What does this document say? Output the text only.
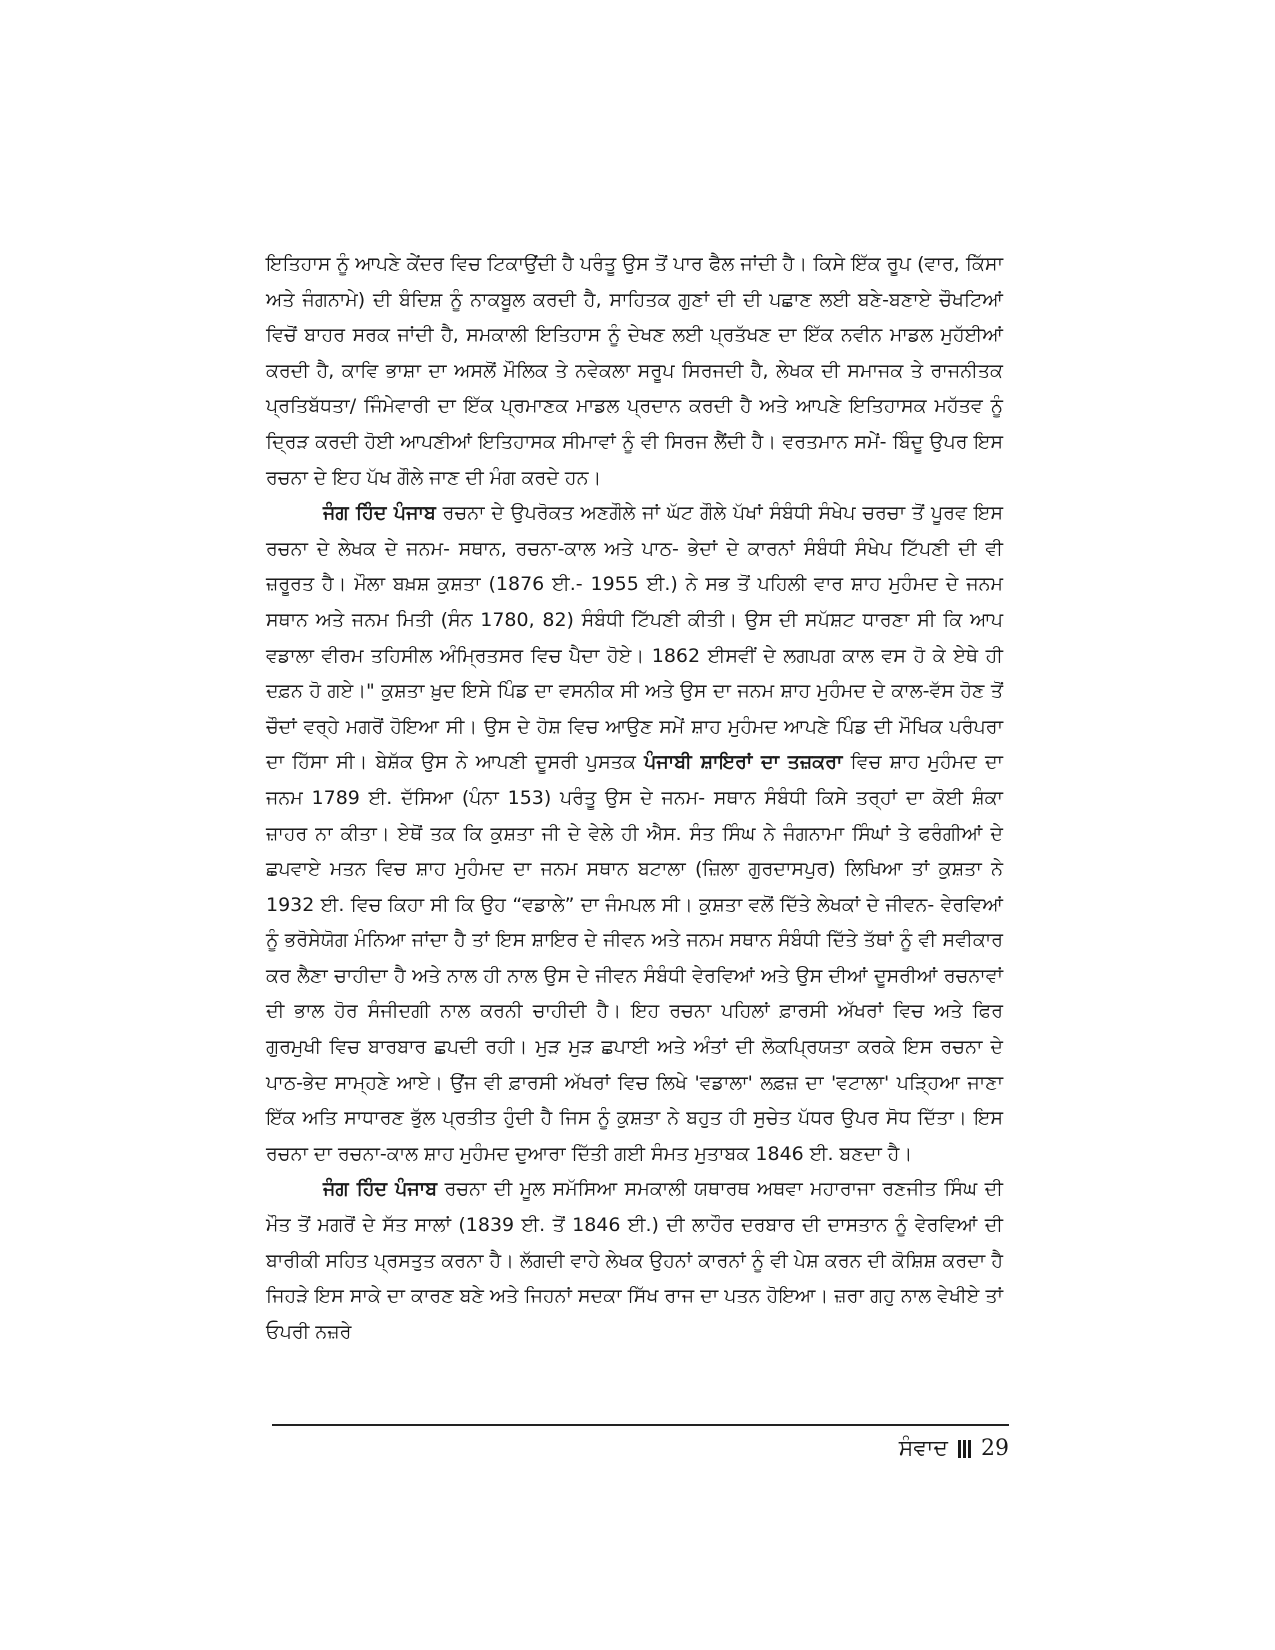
ਇਤਿਹਾਸ ਨੂੰ ਆਪਣੇ ਕੇਂਦਰ ਵਿਚ ਟਿਕਾਉਂਦੀ ਹੈ ਪਰੰਤੂ ਉਸ ਤੋਂ ਪਾਰ ਫੈਲ ਜਾਂਦੀ ਹੈ। ਕਿਸੇ ਇੱਕ ਰੂਪ (ਵਾਰ, ਕਿੱਸਾ ਅਤੇ ਜੰਗਨਾਮੇ) ਦੀ ਬੰਦਿਸ਼ ਨੂੰ ਨਾਕਬੂਲ ਕਰਦੀ ਹੈ, ਸਾਹਿਤਕ ਗੁਣਾਂ ਦੀ ਦੀ ਪਛਾਣ ਲਈ ਬਣੇ-ਬਣਾਏ ਚੌਖਟਿਆਂ ਵਿਚੋਂ ਬਾਹਰ ਸਰਕ ਜਾਂਦੀ ਹੈ, ਸਮਕਾਲੀ ਇਤਿਹਾਸ ਨੂੰ ਦੇਖਣ ਲਈ ਪ੍ਰਤੱਖਣ ਦਾ ਇੱਕ ਨਵੀਨ ਮਾਡਲ ਮੁਹੱਈਆਂ ਕਰਦੀ ਹੈ, ਕਾਵਿ ਭਾਸ਼ਾ ਦਾ ਅਸਲੋਂ ਮੌਲਿਕ ਤੇ ਨਵੇਕਲਾ ਸਰੂਪ ਸਿਰਜਦੀ ਹੈ, ਲੇਖਕ ਦੀ ਸਮਾਜਕ ਤੇ ਰਾਜਨੀਤਕ ਪ੍ਰਤਿਬੱਧਤਾ/ ਜਿੰਮੇਵਾਰੀ ਦਾ ਇੱਕ ਪ੍ਰਮਾਣਕ ਮਾਡਲ ਪ੍ਰਦਾਨ ਕਰਦੀ ਹੈ ਅਤੇ ਆਪਣੇ ਇਤਿਹਾਸਕ ਮਹੱਤਵ ਨੂੰ ਦ੍ਰਿੜ ਕਰਦੀ ਹੋਈ ਆਪਣੀਆਂ ਇਤਿਹਾਸਕ ਸੀਮਾਵਾਂ ਨੂੰ ਵੀ ਸਿਰਜ ਲੈਂਦੀ ਹੈ। ਵਰਤਮਾਨ ਸਮੇਂ- ਬਿੰਦੂ ਉਪਰ ਇਸ ਰਚਨਾ ਦੇ ਇਹ ਪੱਖ ਗੌਲੇ ਜਾਣ ਦੀ ਮੰਗ ਕਰਦੇ ਹਨ।

ਜੰਗ ਹਿੰਦ ਪੰਜਾਬ ਰਚਨਾ ਦੇ ਉਪਰੋਕਤ ਅਣਗੌਲੇ ਜਾਂ ਘੱਟ ਗੌਲੇ ਪੱਖਾਂ ਸੰਬੰਧੀ ਸੰਖੇਪ ਚਰਚਾ ਤੋਂ ਪੂਰਵ ਇਸ ਰਚਨਾ ਦੇ ਲੇਖਕ ਦੇ ਜਨਮ- ਸਥਾਨ, ਰਚਨਾ-ਕਾਲ ਅਤੇ ਪਾਠ- ਭੇਦਾਂ ਦੇ ਕਾਰਨਾਂ ਸੰਬੰਧੀ ਸੰਖੇਪ ਟਿੱਪਣੀ ਦੀ ਵੀ ਜ਼ਰੂਰਤ ਹੈ। ਮੌਲਾ ਬਖ਼ਸ਼ ਕੁਸ਼ਤਾ (1876 ਈ.- 1955 ਈ.) ਨੇ ਸਭ ਤੋਂ ਪਹਿਲੀ ਵਾਰ ਸ਼ਾਹ ਮੁਹੰਮਦ ਦੇ ਜਨਮ ਸਥਾਨ ਅਤੇ ਜਨਮ ਮਿਤੀ (ਸੰਨ 1780, 82) ਸੰਬੰਧੀ ਟਿੱਪਣੀ ਕੀਤੀ। ਉਸ ਦੀ ਸਪੱਸ਼ਟ ਧਾਰਣਾ ਸੀ ਕਿ ਆਪ ਵਡਾਲਾ ਵੀਰਮ ਤਹਿਸੀਲ ਅੰਮ੍ਰਿਤਸਰ ਵਿਚ ਪੈਦਾ ਹੋਏ। 1862 ਈਸਵੀਂ ਦੇ ਲਗਪਗ ਕਾਲ ਵਸ ਹੋ ਕੇ ਏਥੇ ਹੀ ਦਫ਼ਨ ਹੋ ਗਏ।" ਕੁਸ਼ਤਾ ਖ਼ੁਦ ਇਸੇ ਪਿੰਡ ਦਾ ਵਸਨੀਕ ਸੀ ਅਤੇ ਉਸ ਦਾ ਜਨਮ ਸ਼ਾਹ ਮੁਹੰਮਦ ਦੇ ਕਾਲ-ਵੱਸ ਹੋਣ ਤੋਂ ਚੌਦਾਂ ਵਰ੍ਹੇ ਮਗਰੋਂ ਹੋਇਆ ਸੀ। ਉਸ ਦੇ ਹੋਸ਼ ਵਿਚ ਆਉਣ ਸਮੇਂ ਸ਼ਾਹ ਮੁਹੰਮਦ ਆਪਣੇ ਪਿੰਡ ਦੀ ਮੌਖਿਕ ਪਰੰਪਰਾ ਦਾ ਹਿੱਸਾ ਸੀ। ਬੇਸ਼ੱਕ ਉਸ ਨੇ ਆਪਣੀ ਦੂਸਰੀ ਪੁਸਤਕ ਪੰਜਾਬੀ ਸ਼ਾਇਰਾਂ ਦਾ ਤਜ਼ਕਰਾ ਵਿਚ ਸ਼ਾਹ ਮੁਹੰਮਦ ਦਾ ਜਨਮ 1789 ਈ. ਦੱਸਿਆ (ਪੰਨਾ 153) ਪਰੰਤੂ ਉਸ ਦੇ ਜਨਮ- ਸਥਾਨ ਸੰਬੰਧੀ ਕਿਸੇ ਤਰ੍ਹਾਂ ਦਾ ਕੋਈ ਸ਼ੰਕਾ ਜ਼ਾਹਰ ਨਾ ਕੀਤਾ। ਏਥੋਂ ਤਕ ਕਿ ਕੁਸ਼ਤਾ ਜੀ ਦੇ ਵੇਲੇ ਹੀ ਐਸ. ਸੰਤ ਸਿੰਘ ਨੇ ਜੰਗਨਾਮਾ ਸਿੰਘਾਂ ਤੇ ਫਰੰਗੀਆਂ ਦੇ ਛਪਵਾਏ ਮਤਨ ਵਿਚ ਸ਼ਾਹ ਮੁਹੰਮਦ ਦਾ ਜਨਮ ਸਥਾਨ ਬਟਾਲਾ (ਜ਼ਿਲਾ ਗੁਰਦਾਸਪੁਰ) ਲਿਖਿਆ ਤਾਂ ਕੁਸ਼ਤਾ ਨੇ 1932 ਈ. ਵਿਚ ਕਿਹਾ ਸੀ ਕਿ ਉਹ “ਵਡਾਲੇ” ਦਾ ਜੰਮਪਲ ਸੀ। ਕੁਸ਼ਤਾ ਵਲੋਂ ਦਿੱਤੇ ਲੇਖਕਾਂ ਦੇ ਜੀਵਨ- ਵੇਰਵਿਆਂ ਨੂੰ ਭਰੋਸੇਯੋਗ ਮੰਨਿਆ ਜਾਂਦਾ ਹੈ ਤਾਂ ਇਸ ਸ਼ਾਇਰ ਦੇ ਜੀਵਨ ਅਤੇ ਜਨਮ ਸਥਾਨ ਸੰਬੰਧੀ ਦਿੱਤੇ ਤੱਥਾਂ ਨੂੰ ਵੀ ਸਵੀਕਾਰ ਕਰ ਲੈਣਾ ਚਾਹੀਦਾ ਹੈ ਅਤੇ ਨਾਲ ਹੀ ਨਾਲ ਉਸ ਦੇ ਜੀਵਨ ਸੰਬੰਧੀ ਵੇਰਵਿਆਂ ਅਤੇ ਉਸ ਦੀਆਂ ਦੂਸਰੀਆਂ ਰਚਨਾਵਾਂ ਦੀ ਭਾਲ ਹੋਰ ਸੰਜੀਦਗੀ ਨਾਲ ਕਰਨੀ ਚਾਹੀਦੀ ਹੈ। ਇਹ ਰਚਨਾ ਪਹਿਲਾਂ ਫ਼ਾਰਸੀ ਅੱਖਰਾਂ ਵਿਚ ਅਤੇ ਫਿਰ ਗੁਰਮੁਖੀ ਵਿਚ ਬਾਰਬਾਰ ਛਪਦੀ ਰਹੀ। ਮੁੜ ਮੁੜ ਛਪਾਈ ਅਤੇ ਅੰਤਾਂ ਦੀ ਲੋਕਪ੍ਰਿਯਤਾ ਕਰਕੇ ਇਸ ਰਚਨਾ ਦੇ ਪਾਠ-ਭੇਦ ਸਾਮ੍ਹਣੇ ਆਏ। ਉਂਜ ਵੀ ਫ਼ਾਰਸੀ ਅੱਖਰਾਂ ਵਿਚ ਲਿਖੇ 'ਵਡਾਲਾ' ਲਫ਼ਜ਼ ਦਾ 'ਵਟਾਲਾ' ਪੜ੍ਹਿਆ ਜਾਣਾ ਇੱਕ ਅਤਿ ਸਾਧਾਰਣ ਭੁੱਲ ਪ੍ਰਤੀਤ ਹੁੰਦੀ ਹੈ ਜਿਸ ਨੂੰ ਕੁਸ਼ਤਾ ਨੇ ਬਹੁਤ ਹੀ ਸੁਚੇਤ ਪੱਧਰ ਉਪਰ ਸੋਧ ਦਿੱਤਾ। ਇਸ ਰਚਨਾ ਦਾ ਰਚਨਾ-ਕਾਲ ਸ਼ਾਹ ਮੁਹੰਮਦ ਦੁਆਰਾ ਦਿੱਤੀ ਗਈ ਸੰਮਤ ਮੁਤਾਬਕ 1846 ਈ. ਬਣਦਾ ਹੈ।

ਜੰਗ ਹਿੰਦ ਪੰਜਾਬ ਰਚਨਾ ਦੀ ਮੂਲ ਸਮੱਸਿਆ ਸਮਕਾਲੀ ਯਥਾਰਥ ਅਥਵਾ ਮਹਾਰਾਜਾ ਰਣਜੀਤ ਸਿੰਘ ਦੀ ਮੌਤ ਤੋਂ ਮਗਰੋਂ ਦੇ ਸੱਤ ਸਾਲਾਂ (1839 ਈ. ਤੋਂ 1846 ਈ.) ਦੀ ਲਾਹੌਰ ਦਰਬਾਰ ਦੀ ਦਾਸਤਾਨ ਨੂੰ ਵੇਰਵਿਆਂ ਦੀ ਬਾਰੀਕੀ ਸਹਿਤ ਪ੍ਰਸਤੁਤ ਕਰਨਾ ਹੈ। ਲੱਗਦੀ ਵਾਹੇ ਲੇਖਕ ਉਹਨਾਂ ਕਾਰਨਾਂ ਨੂੰ ਵੀ ਪੇਸ਼ ਕਰਨ ਦੀ ਕੋਸ਼ਿਸ਼ ਕਰਦਾ ਹੈ ਜਿਹੜੇ ਇਸ ਸਾਕੇ ਦਾ ਕਾਰਣ ਬਣੇ ਅਤੇ ਜਿਹਨਾਂ ਸਦਕਾ ਸਿੱਖ ਰਾਜ ਦਾ ਪਤਨ ਹੋਇਆ। ਜ਼ਰਾ ਗਹੁ ਨਾਲ ਵੇਖੀਏ ਤਾਂ ਓਪਰੀ ਨਜ਼ਰੇ

ਸੰਵਾਦ 29
